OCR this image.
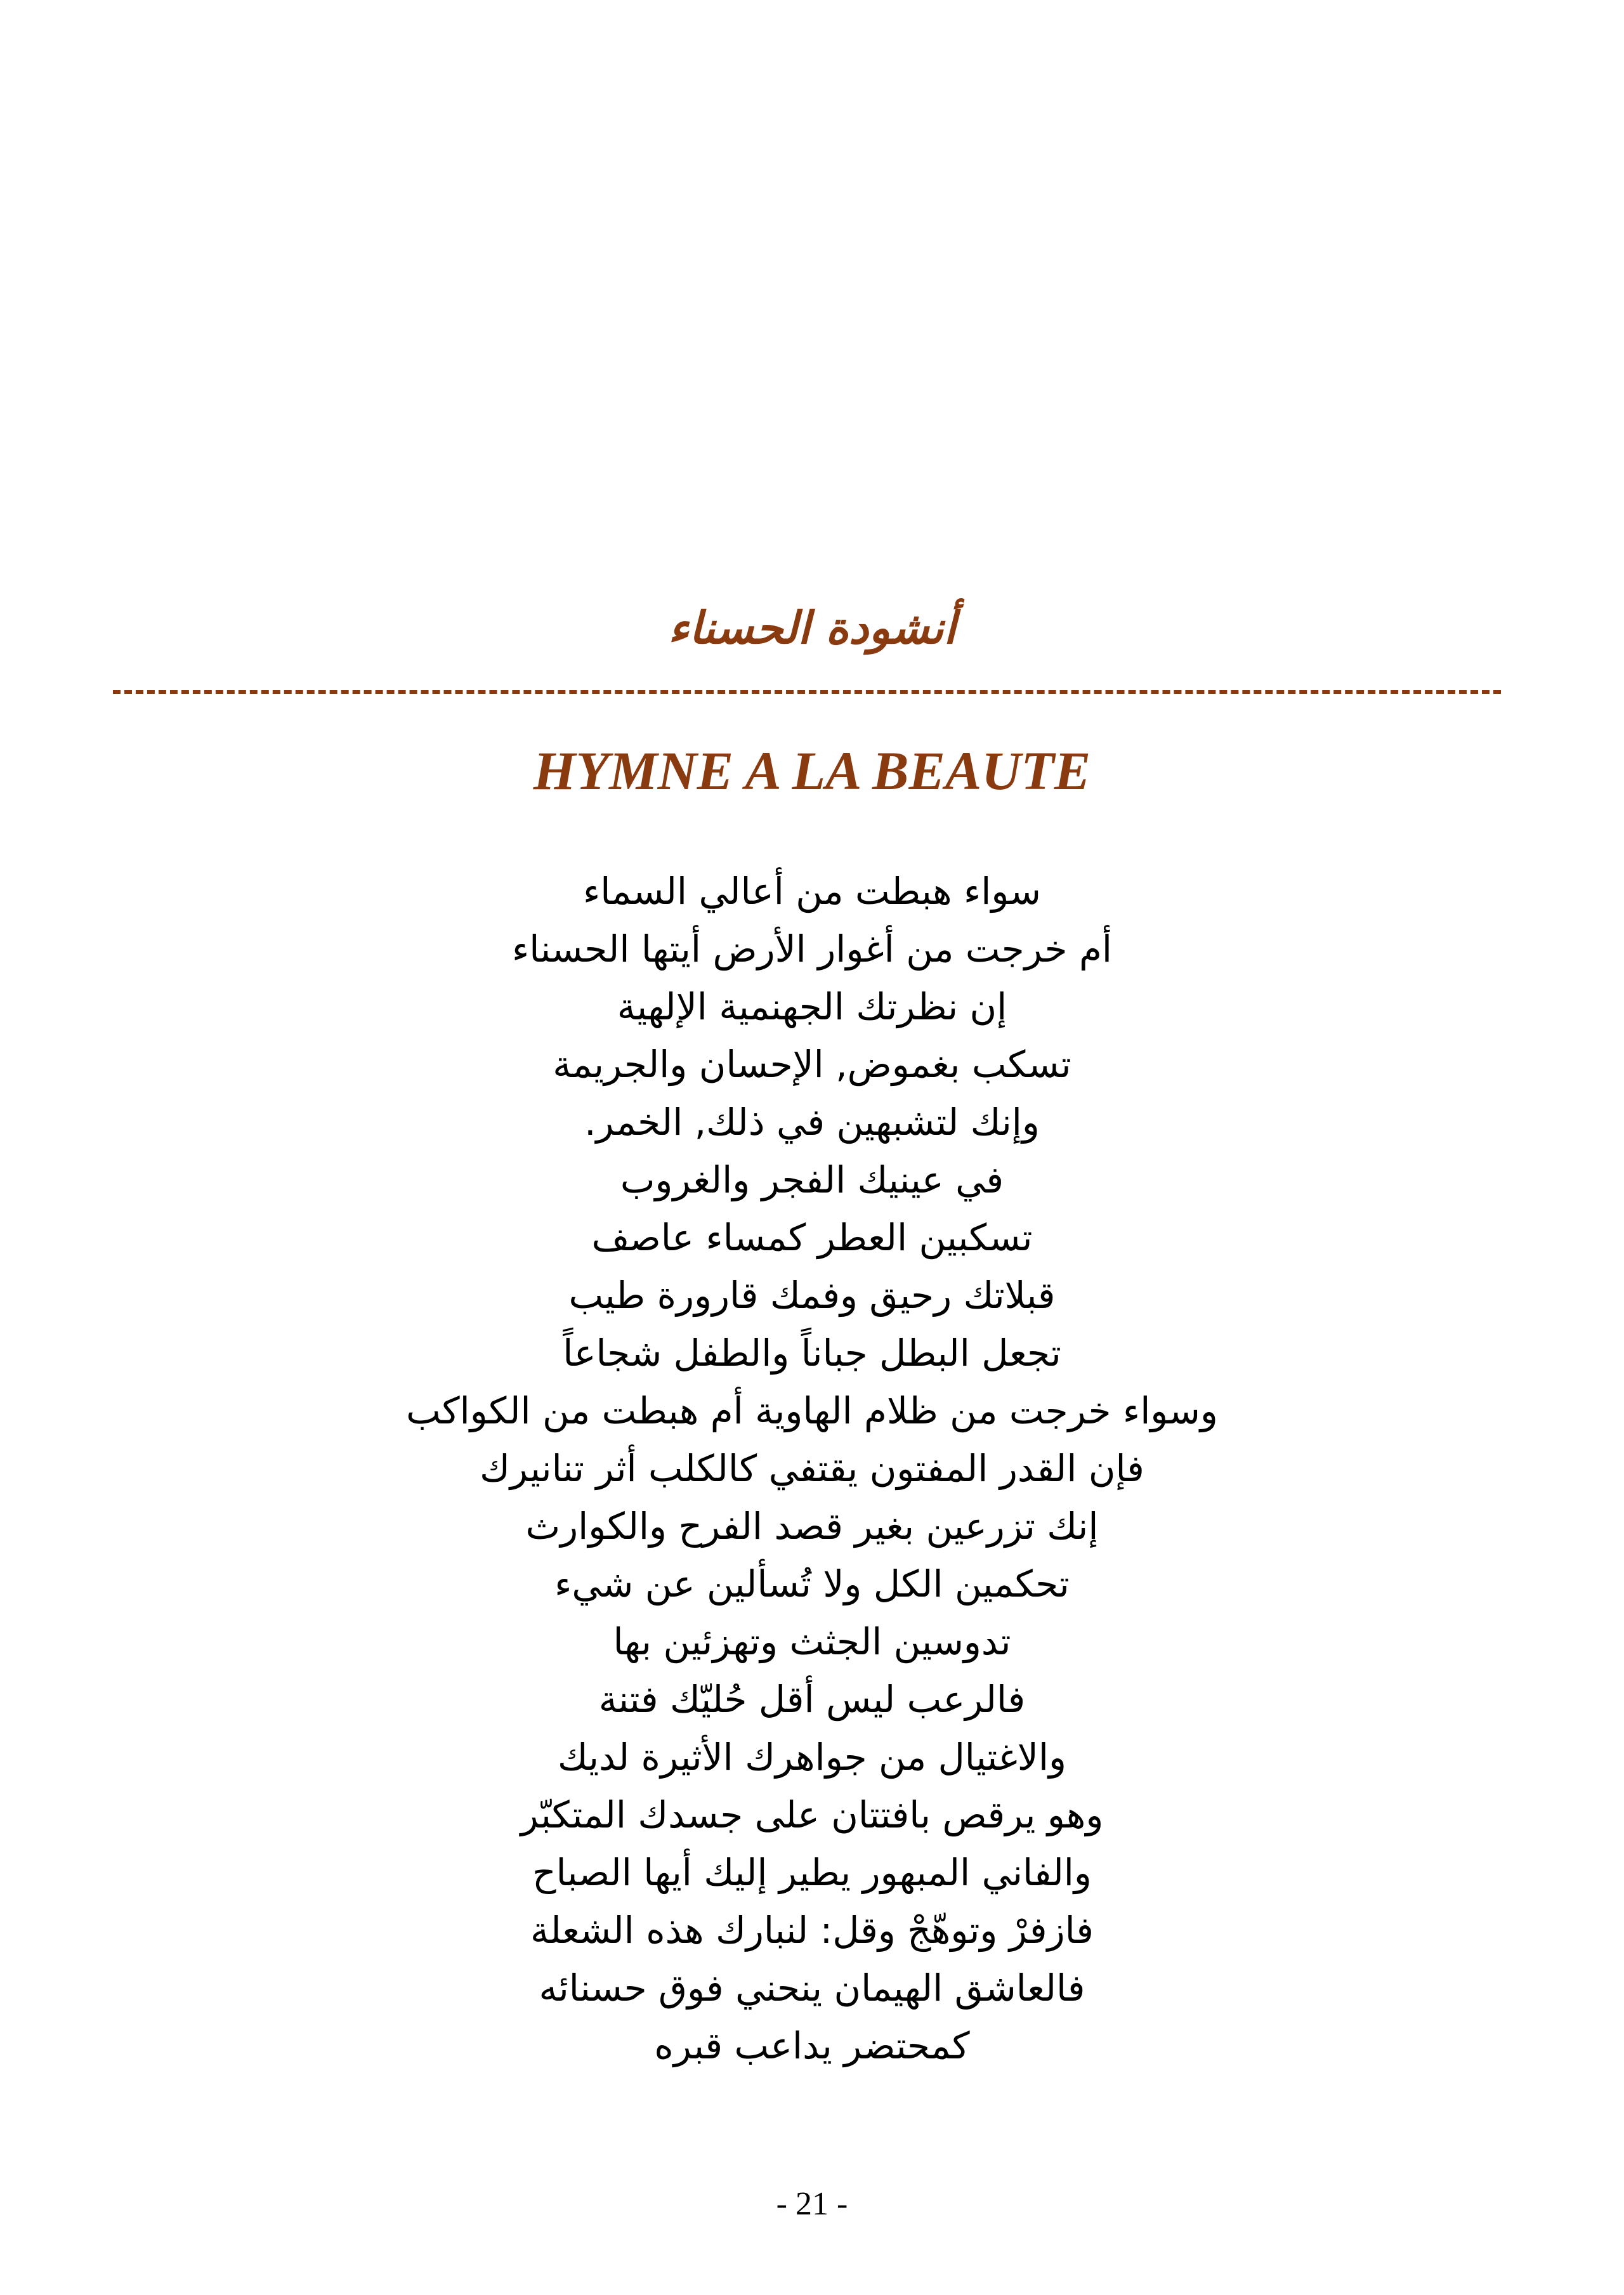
أنشودة الحسناء
HYMNE A LA BEAUTE
سواء هبطت من أعالي السماء
أم خرجت من أغوار الأرض أيتها الحسناء
إن نظرتك الجهنمية الإلهية
تسكب بغموض, الإحسان والجريمة
وإنك لتشبهين في ذلك, الخمر.
في عينيك الفجر والغروب
تسكبين العطر كمساء عاصف
قبلاتك رحيق وفمك قارورة طيب
تجعل البطل جباناً والطفل شجاعاً
وسواء خرجت من ظلام الهاوية أم هبطت من الكواكب
فإن القدر المفتون يقتفي كالكلب أثر تنانيرك
إنك تزرعين بغير قصد الفرح والكوارث
تحكمين الكل ولا تُسألين عن شيء
تدوسين الجثث وتهزئين بها
فالرعب ليس أقل حُليّك فتنة
والاغتيال من جواهرك الأثيرة لديك
وهو يرقص بافتتان على جسدك المتكبّر
والفاني المبهور يطير إليك أيها الصباح
فازفرْ وتوهّجْ وقل: لنبارك هذه الشعلة
فالعاشق الهيمان ينحني فوق حسنائه
كمحتضر يداعب قبره
- 21 -
